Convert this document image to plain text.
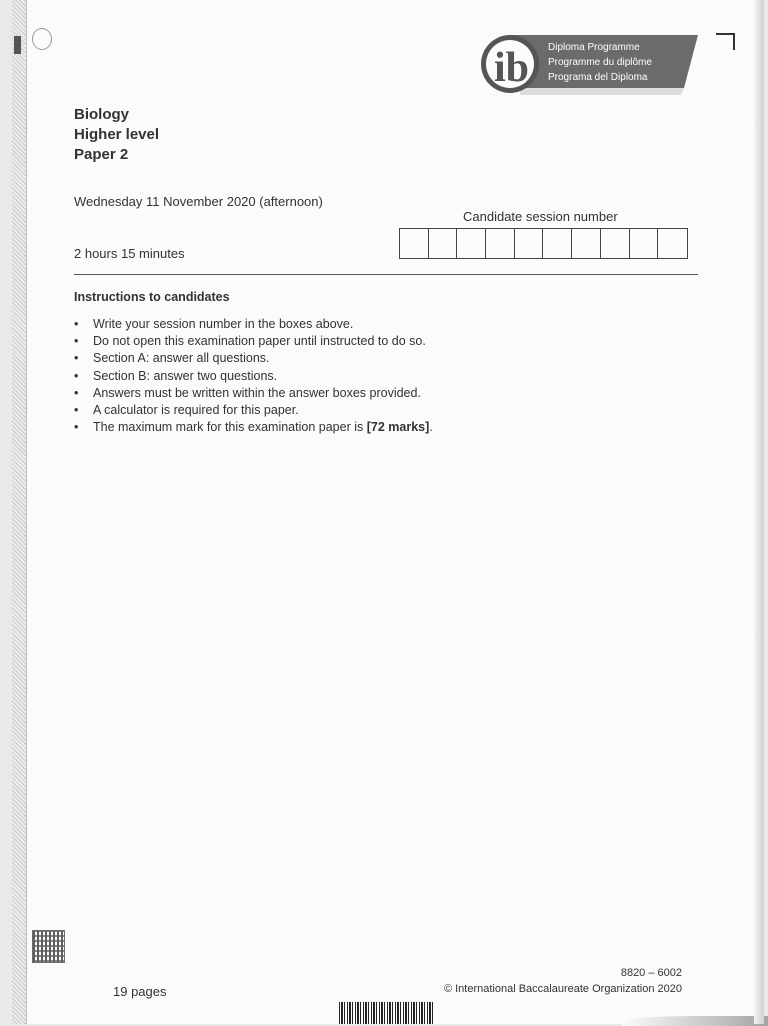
ib Diploma Programme
Programme du diplôme
Programa del Diploma
Biology
Higher level
Paper 2
Wednesday 11 November 2020 (afternoon)
2 hours 15 minutes
Candidate session number
Instructions to candidates
• Write your session number in the boxes above.
• Do not open this examination paper until instructed to do so.
• Section A: answer all questions.
• Section B: answer two questions.
• Answers must be written within the answer boxes provided.
• A calculator is required for this paper.
• The maximum mark for this examination paper is [72 marks].
19 pages
8820 – 6002
© International Baccalaureate Organization 2020
